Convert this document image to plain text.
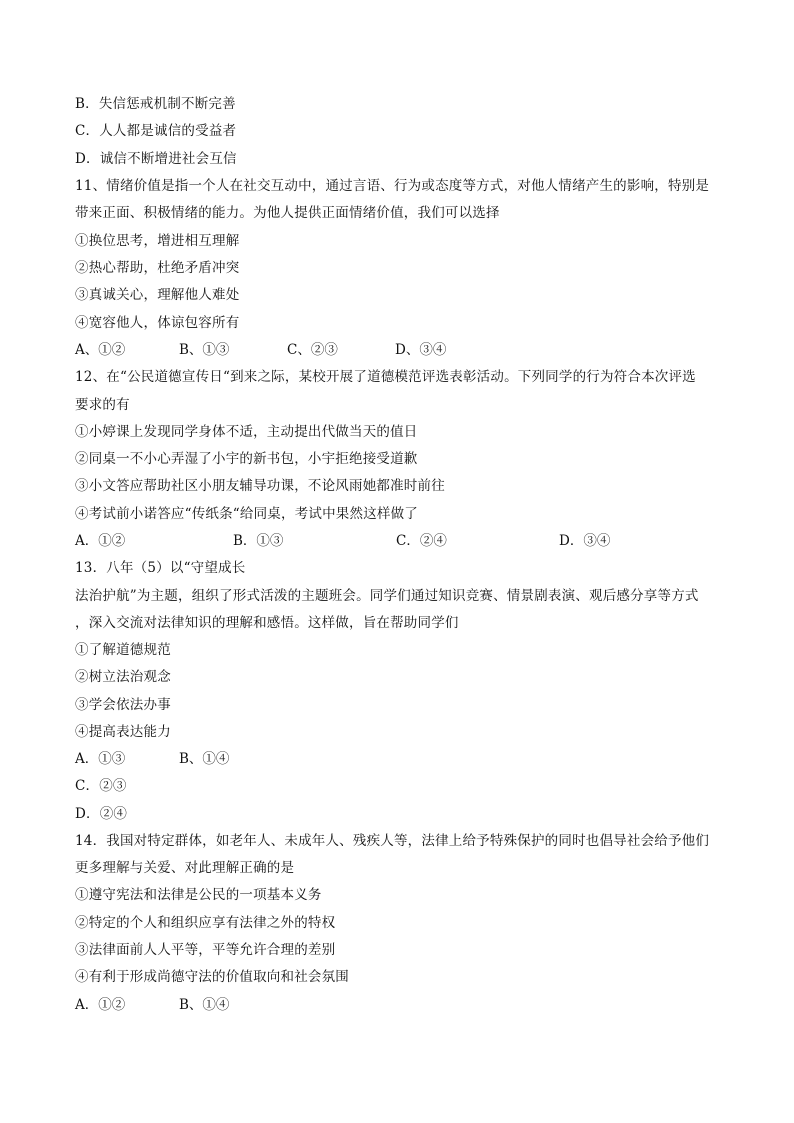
B．失信惩戒机制不断完善
C．人人都是诚信的受益者
D．诚信不断增进社会互信
11、情绪价值是指一个人在社交互动中，通过言语、行为或态度等方式，对他人情绪产生的影响，特别是
带来正面、积极情绪的能力。为他人提供正面情绪价值，我们可以选择
①换位思考，增进相互理解
②热心帮助，杜绝矛盾冲突
③真诚关心，理解他人难处
④宽容他人，体谅包容所有
A、①②	B、①③	C、②③	D、③④
12、在“公民道德宣传日“到来之际，某校开展了道德模范评选表彰活动。下列同学的行为符合本次评选
要求的有
①小婷课上发现同学身体不适，主动提出代做当天的值日
②同桌一不小心弄湿了小宇的新书包，小宇拒绝接受道歉
③小文答应帮助社区小朋友辅导功课，不论风雨她都准时前往
④考试前小诺答应“传纸条“给同桌，考试中果然这样做了
A．①②	B．①③	C．②④	D．③④
13．八年（5）以“守望成长
法治护航”为主题，组织了形式活泼的主题班会。同学们通过知识竞赛、情景剧表演、观后感分享等方式
，深入交流对法律知识的理解和感悟。这样做，旨在帮助同学们
①了解道德规范
②树立法治观念
③学会依法办事
④提高表达能力
A．①③	B、①④
C．②③
D．②④
14．我国对特定群体，如老年人、未成年人、残疾人等，法律上给予特殊保护的同时也倡导社会给予他们
更多理解与关爱、对此理解正确的是
①遵守宪法和法律是公民的一项基本义务
②特定的个人和组织应享有法律之外的特权
③法律面前人人平等，平等允许合理的差别
④有利于形成尚德守法的价值取向和社会氛围
A．①②	B、①④
